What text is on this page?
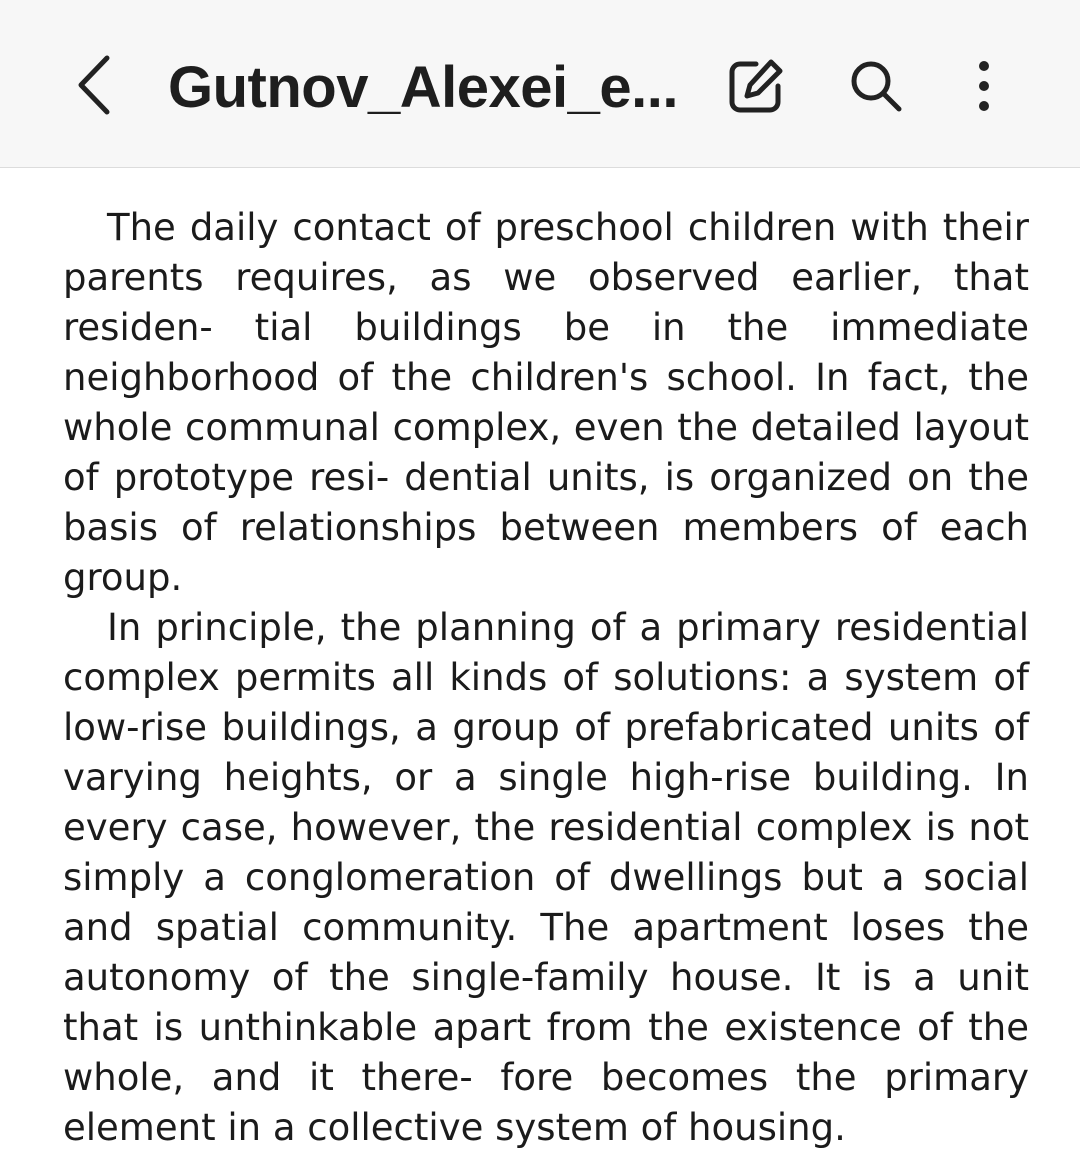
Gutnov_Alexei_e...

The daily contact of preschool children with their parents requires, as we observed earlier, that residen- tial buildings be in the immediate neighborhood of the children's school. In fact, the whole communal complex, even the detailed layout of prototype resi- dential units, is organized on the basis of relationships between members of each group.

In principle, the planning of a primary residential complex permits all kinds of solutions: a system of low-rise buildings, a group of prefabricated units of varying heights, or a single high-rise building. In every case, however, the residential complex is not simply a conglomeration of dwellings but a social and spatial community. The apartment loses the autonomy of the single-family house. It is a unit that is unthinkable apart from the existence of the whole, and it there- fore becomes the primary element in a collective system of housing.
